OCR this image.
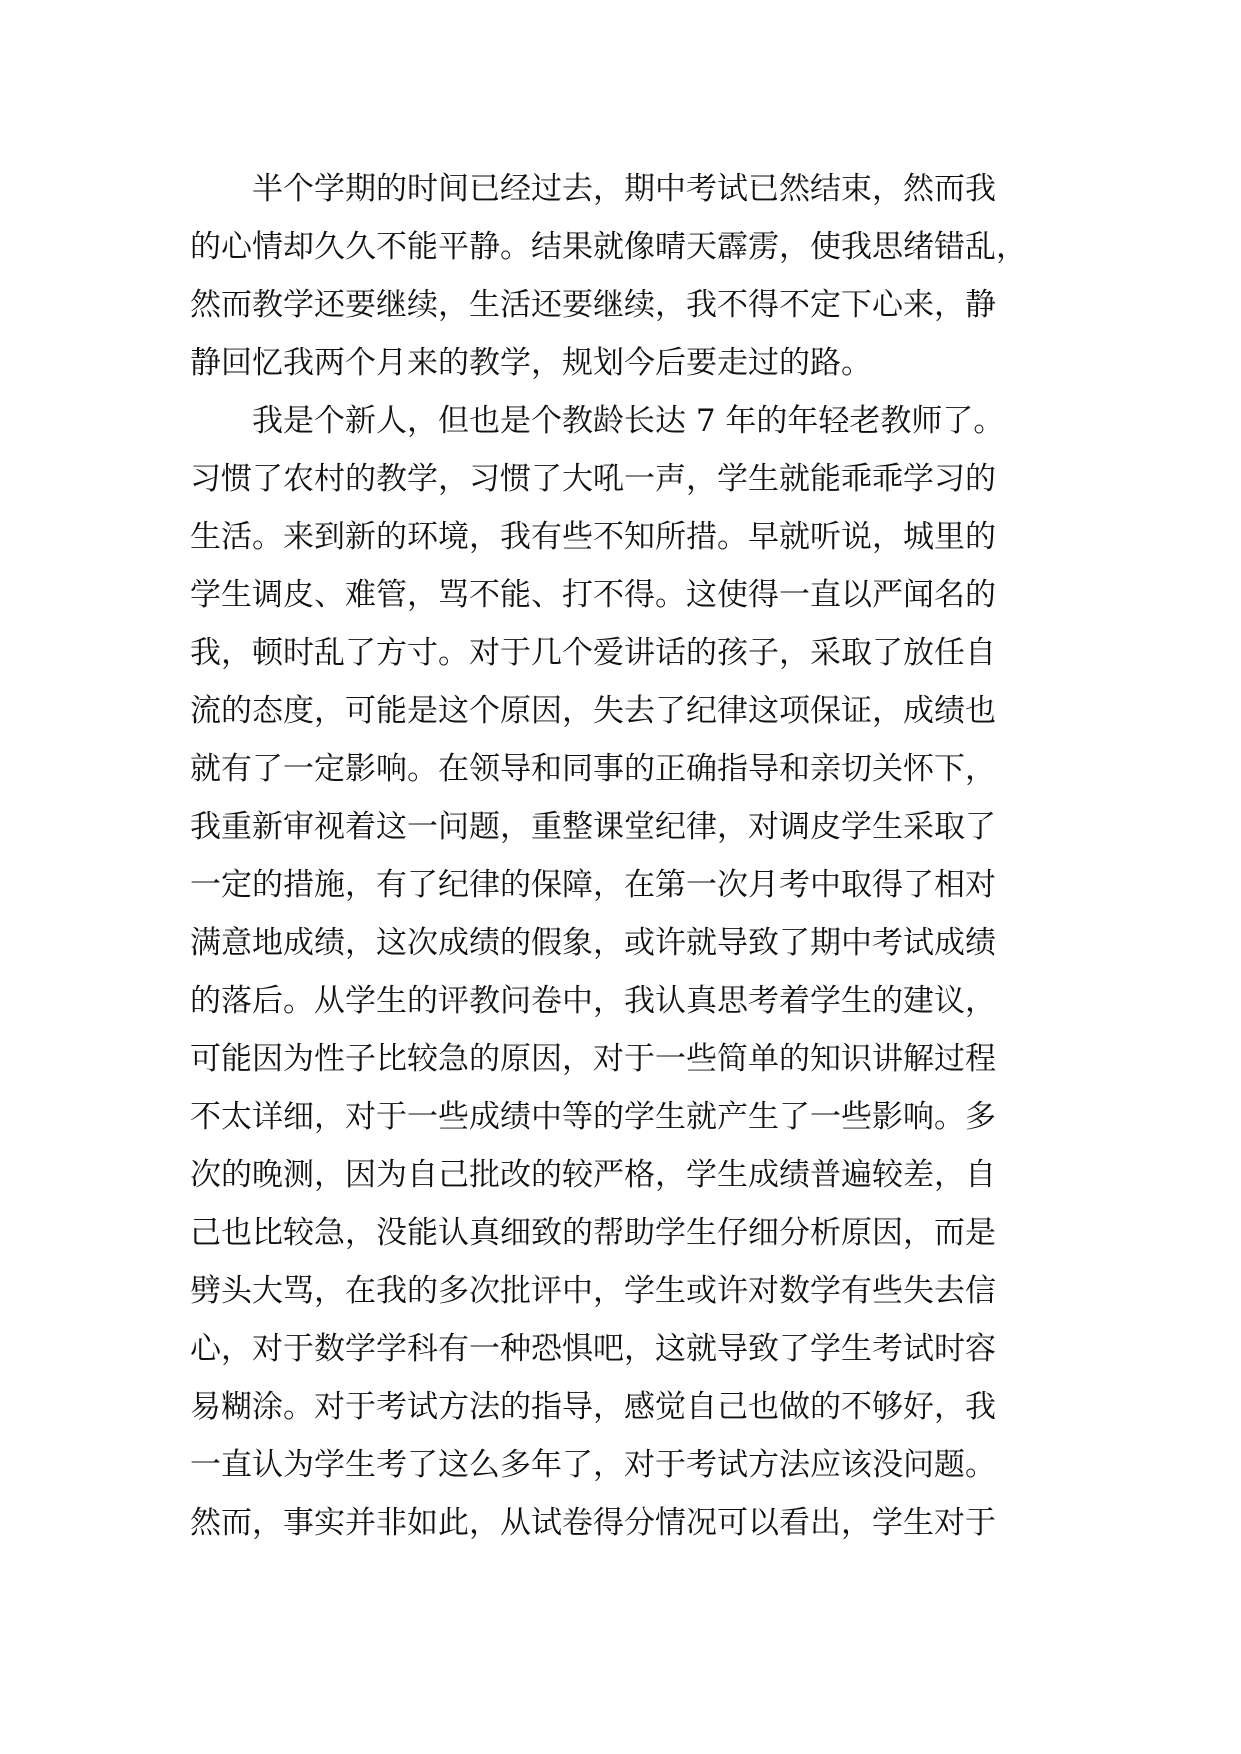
半个学期的时间已经过去，期中考试已然结束，然而我
的心情却久久不能平静。结果就像晴天霹雳，使我思绪错乱，
然而教学还要继续，生活还要继续，我不得不定下心来，静
静回忆我两个月来的教学，规划今后要走过的路。
我是个新人，但也是个教龄长达 7 年的年轻老教师了。
习惯了农村的教学，习惯了大吼一声，学生就能乖乖学习的
生活。来到新的环境，我有些不知所措。早就听说，城里的
学生调皮、难管，骂不能、打不得。这使得一直以严闻名的
我，顿时乱了方寸。对于几个爱讲话的孩子，采取了放任自
流的态度，可能是这个原因，失去了纪律这项保证，成绩也
就有了一定影响。在领导和同事的正确指导和亲切关怀下，
我重新审视着这一问题，重整课堂纪律，对调皮学生采取了
一定的措施，有了纪律的保障，在第一次月考中取得了相对
满意地成绩，这次成绩的假象，或许就导致了期中考试成绩
的落后。从学生的评教问卷中，我认真思考着学生的建议，
可能因为性子比较急的原因，对于一些简单的知识讲解过程
不太详细，对于一些成绩中等的学生就产生了一些影响。多
次的晚测，因为自己批改的较严格，学生成绩普遍较差，自
己也比较急，没能认真细致的帮助学生仔细分析原因，而是
劈头大骂，在我的多次批评中，学生或许对数学有些失去信
心，对于数学学科有一种恐惧吧，这就导致了学生考试时容
易糊涂。对于考试方法的指导，感觉自己也做的不够好，我
一直认为学生考了这么多年了，对于考试方法应该没问题。
然而，事实并非如此，从试卷得分情况可以看出，学生对于
